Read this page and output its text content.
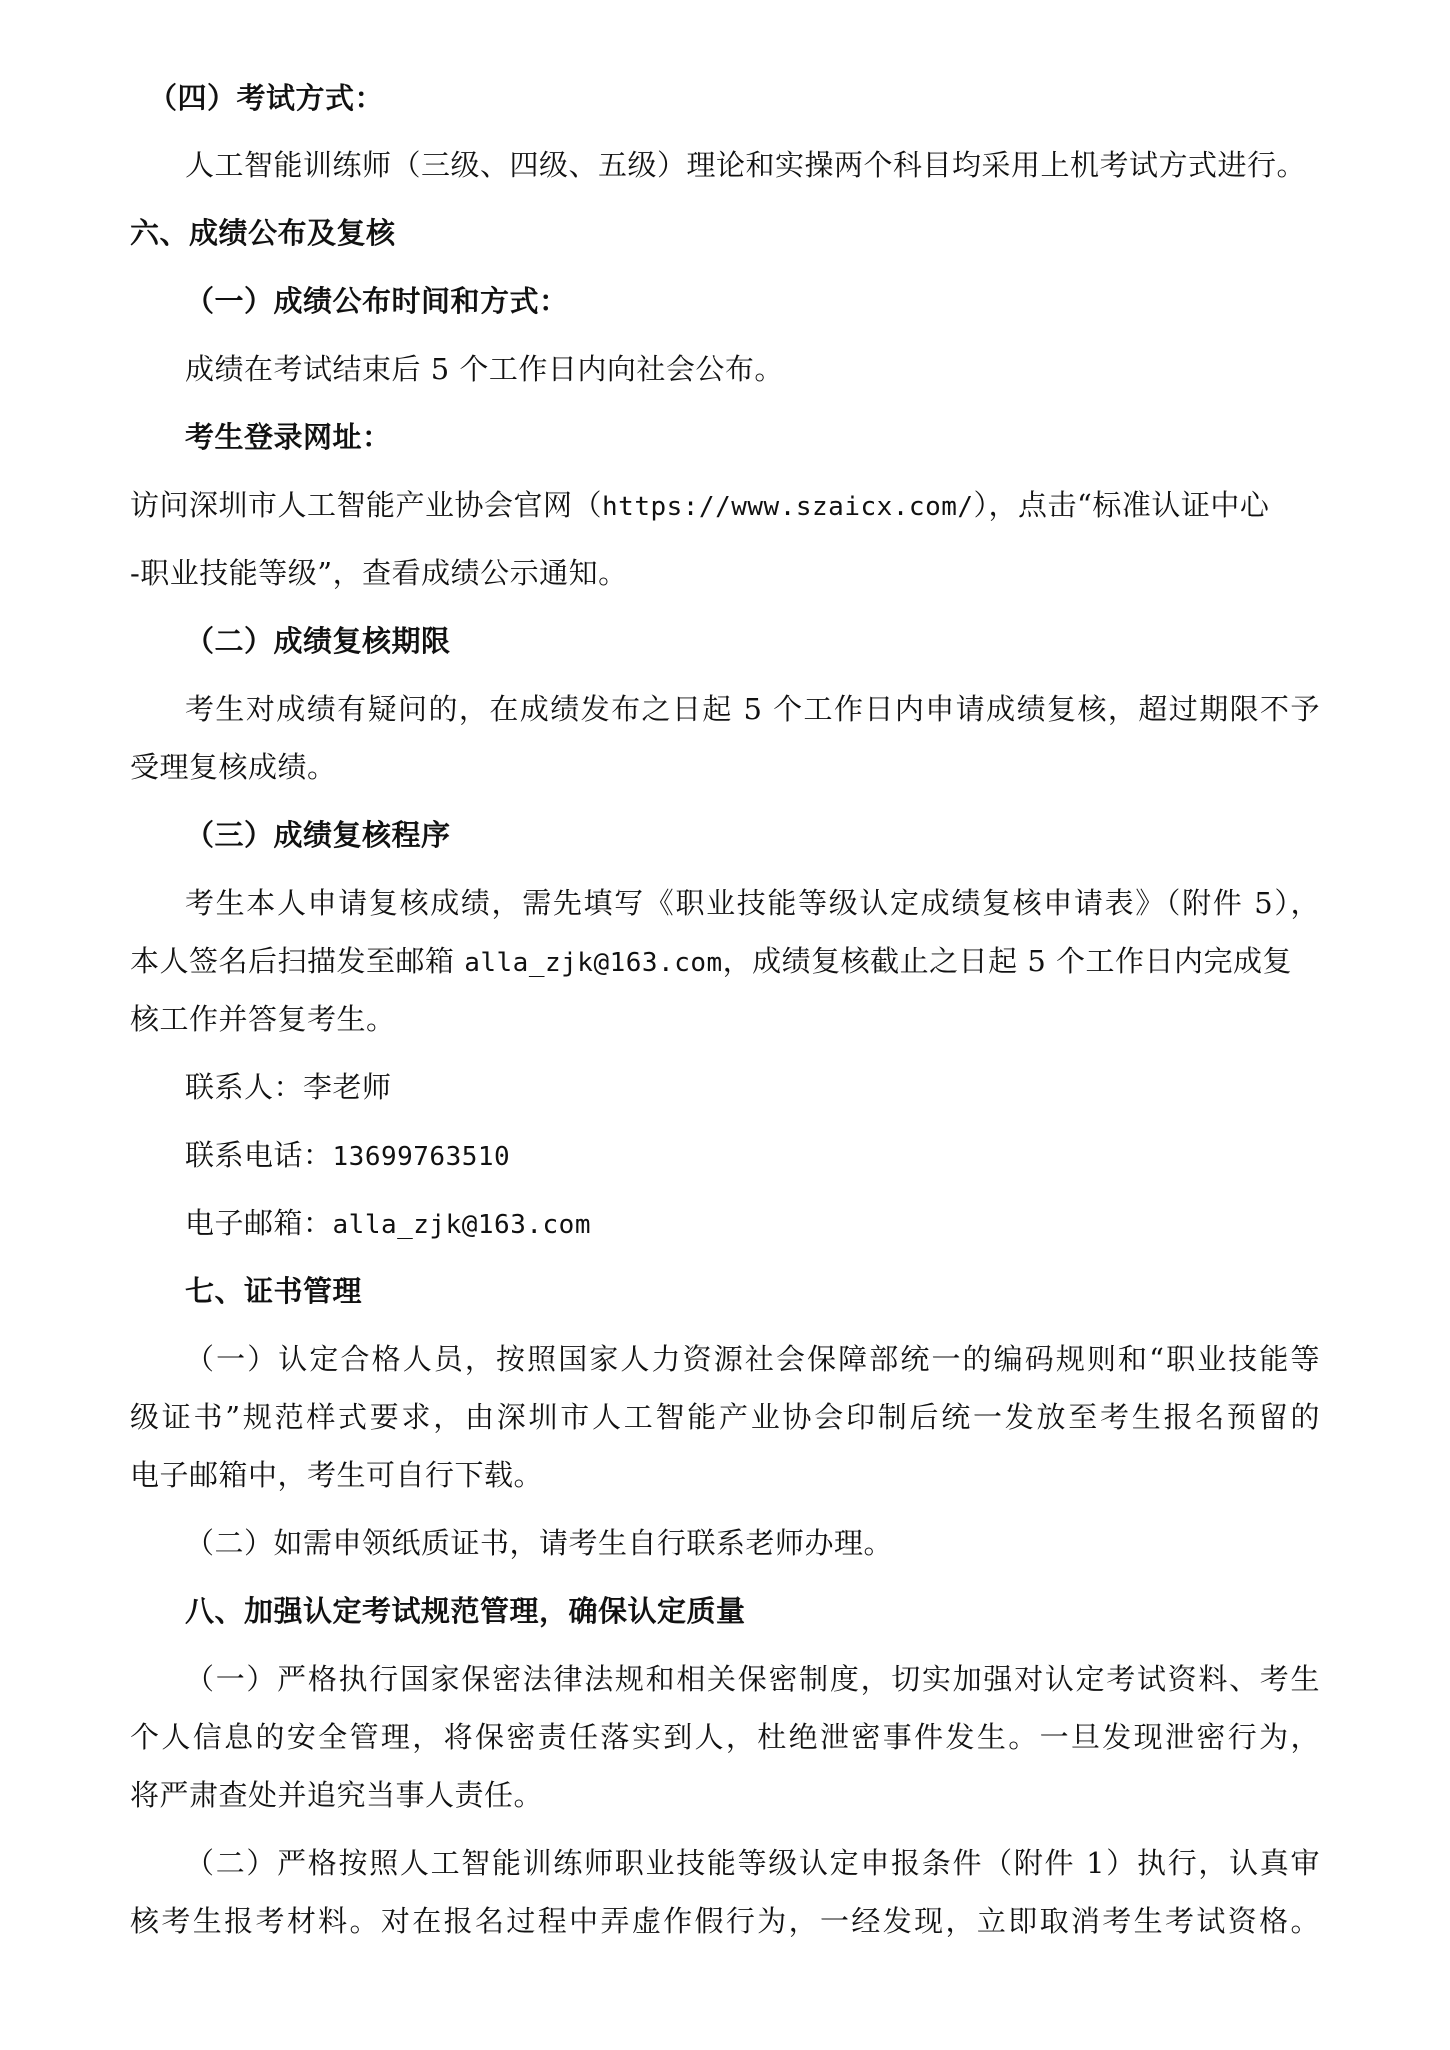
（四）考试方式：
人工智能训练师（三级、四级、五级）理论和实操两个科目均采用上机考试方式进行。
六、成绩公布及复核
（一）成绩公布时间和方式：
成绩在考试结束后 5 个工作日内向社会公布。
考生登录网址：
访问深圳市人工智能产业协会官网（https://www.szaicx.com/），点击“标准认证中心
-职业技能等级”，查看成绩公示通知。
（二）成绩复核期限
考生对成绩有疑问的，在成绩发布之日起 5 个工作日内申请成绩复核，超过期限不予
受理复核成绩。
（三）成绩复核程序
考生本人申请复核成绩，需先填写《职业技能等级认定成绩复核申请表》（附件 5），
本人签名后扫描发至邮箱 alla_zjk@163.com，成绩复核截止之日起 5 个工作日内完成复
核工作并答复考生。
联系人：李老师
联系电话：13699763510
电子邮箱：alla_zjk@163.com
七、证书管理
（一）认定合格人员，按照国家人力资源社会保障部统一的编码规则和“职业技能等
级证书”规范样式要求，由深圳市人工智能产业协会印制后统一发放至考生报名预留的
电子邮箱中，考生可自行下载。
（二）如需申领纸质证书，请考生自行联系老师办理。
八、加强认定考试规范管理，确保认定质量
（一）严格执行国家保密法律法规和相关保密制度，切实加强对认定考试资料、考生
个人信息的安全管理，将保密责任落实到人，杜绝泄密事件发生。一旦发现泄密行为，
将严肃查处并追究当事人责任。
（二）严格按照人工智能训练师职业技能等级认定申报条件（附件 1）执行，认真审
核考生报考材料。对在报名过程中弄虚作假行为，一经发现，立即取消考生考试资格。
